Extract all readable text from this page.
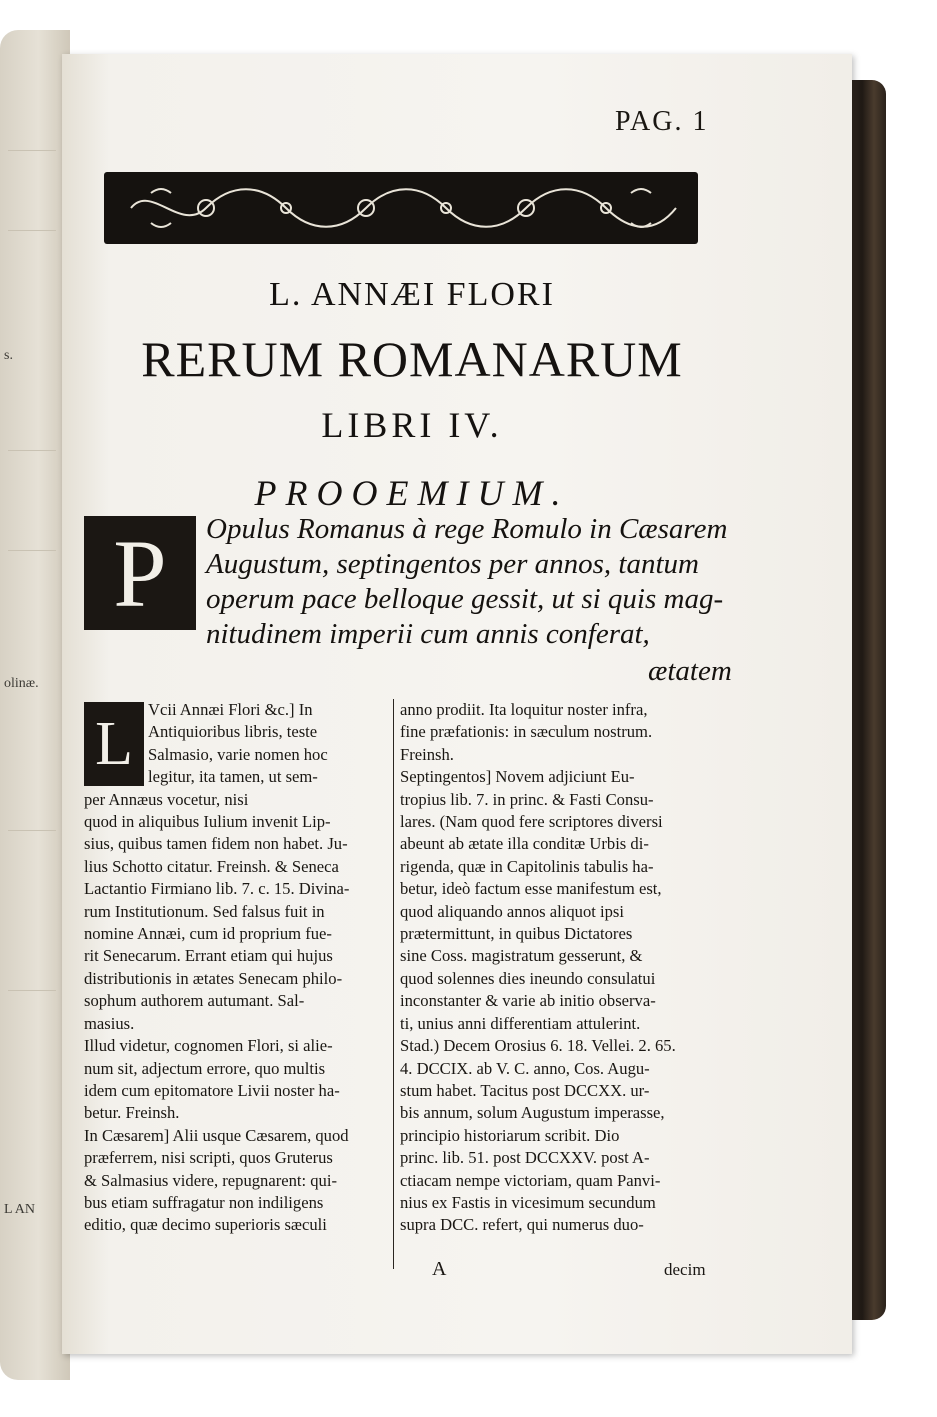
s.
olinæ.
L AN
PAG. 1
L. ANNÆI FLORI
RERUM ROMANARUM
LIBRI IV.
PROOEMIUM.
P	Opulus Romanus à rege Romulo in Cæsarem
Augustum, septingentos per annos, tantum
operum pace belloque gessit, ut si quis mag-
nitudinem imperii cum annis conferat,
ætatem
L Vcii Annæi Flori &c.] In
Antiquioribus libris, teste
Salmasio, varie nomen hoc
legitur, ita tamen, ut sem-
per Annæus vocetur, nisi
quod in aliquibus Iulium invenit Lip-
sius, quibus tamen fidem non habet. Ju-
lius Schotto citatur. Freinsh. & Seneca
Lactantio Firmiano lib. 7. c. 15. Divina-
rum Institutionum. Sed falsus fuit in
nomine Annæi, cum id proprium fue-
rit Senecarum. Errant etiam qui hujus
distributionis in ætates Senecam philo-
sophum authorem autumant. Sal-
masius.
Illud videtur, cognomen Flori, si alie-
num sit, adjectum errore, quo multis
idem cum epitomatore Livii noster ha-
betur. Freinsh.
In Cæsarem] Alii usque Cæsarem, quod
præferrem, nisi scripti, quos Gruterus
& Salmasius videre, repugnarent: qui-
bus etiam suffragatur non indiligens
editio, quæ decimo superioris sæculi
anno prodiit. Ita loquitur noster infra,
fine præfationis: in sæculum nostrum.
Freinsh.
Septingentos] Novem adjiciunt Eu-
tropius lib. 7. in princ. & Fasti Consu-
lares. (Nam quod fere scriptores diversi
abeunt ab ætate illa conditæ Urbis di-
rigenda, quæ in Capitolinis tabulis ha-
betur, ideò factum esse manifestum est,
quod aliquando annos aliquot ipsi
prætermittunt, in quibus Dictatores
sine Coss. magistratum gesserunt, &
quod solennes dies ineundo consulatui
inconstanter & varie ab initio observa-
ti, unius anni differentiam attulerint.
Stad.) Decem Orosius 6. 18. Vellei. 2. 65.
4. DCCIX. ab V. C. anno, Cos. Augu-
stum habet. Tacitus post DCCXX. ur-
bis annum, solum Augustum imperasse,
principio historiarum scribit. Dio
princ. lib. 51. post DCCXXV. post A-
ctiacam nempe victoriam, quam Panvi-
nius ex Fastis in vicesimum secundum
supra DCC. refert, qui numerus duo-
A	decim
